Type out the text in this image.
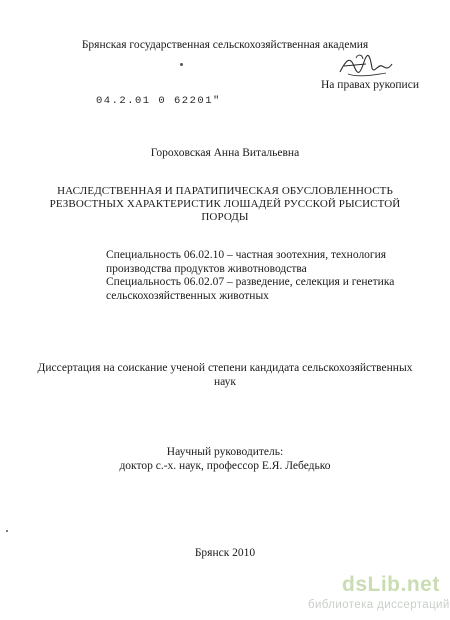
Брянская государственная сельскохозяйственная академия
На правах рукописи
04.2.01 0 62201"
Гороховская Анна Витальевна
НАСЛЕДСТВЕННАЯ И ПАРАТИПИЧЕСКАЯ ОБУСЛОВЛЕННОСТЬ
РЕЗВОСТНЫХ ХАРАКТЕРИСТИК ЛОШАДЕЙ РУССКОЙ РЫСИСТОЙ
ПОРОДЫ
Специальность 06.02.10 – частная зоотехния, технология
производства продуктов животноводства
Специальность 06.02.07 – разведение, селекция и генетика
сельскохозяйственных животных
Диссертация на соискание ученой степени кандидата сельскохозяйственных
наук
Научный руководитель:
доктор с.-х. наук, профессор Е.Я. Лебедько
Брянск 2010
dsLib.net
библиотека диссертаций
